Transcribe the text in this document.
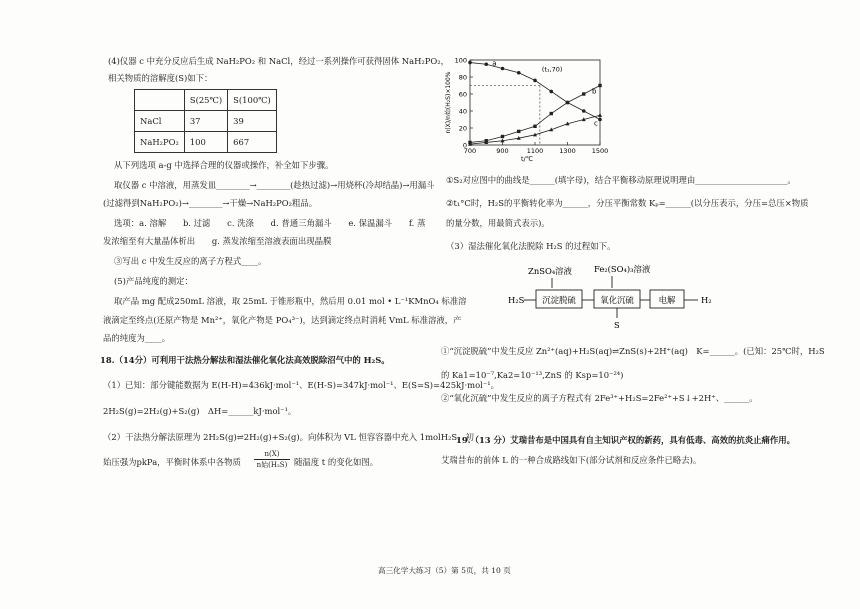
(4)仪器 c 中充分反应后生成 NaH₂PO₂ 和 NaCl，经过一系列操作可获得固体 NaH₂PO₂，
相关物质的溶解度(S)如下：
	S(25℃)	S(100℃)
NaCl	37	39
NaH₂PO₂	100	667
从下列选项 a-g 中选择合理的仪器或操作，补全如下步骤。
取仪器 c 中溶液，用蒸发皿________→________(趁热过滤)→用烧杯(冷却结晶)→用漏斗
(过滤得到NaH₂PO₂)→________→干燥→NaH₂PO₂粗品。
选项：a. 溶解　　b. 过滤　　c. 洗涤　　d. 普通三角漏斗　　e. 保温漏斗　　f. 蒸
发浓缩至有大量晶体析出　　g. 蒸发浓缩至溶液表面出现晶膜
③写出 c 中发生反应的离子方程式____。
(5)产品纯度的测定：
取产品 mg 配成250mL 溶液，取 25mL 于锥形瓶中，然后用 0.01 mol • L⁻¹KMnO₄ 标准溶
液滴定至终点(还原产物是 Mn²⁺，氧化产物是 PO₄³⁻)，达到滴定终点时消耗 VmL 标准溶液，产
品的纯度为____。
18.（14分）可利用干法热分解法和湿法催化氧化法高效脱除沼气中的 H₂S。
（1）已知：部分键能数据为 E(H-H)=436kJ·mol⁻¹、E(H-S)=347kJ·mol⁻¹、E(S=S)=425kJ·mol⁻¹。
2H₂S(g)=2H₂(g)+S₂(g)　ΔH=______kJ·mol⁻¹。
（2）干法热分解法原理为 2H₂S(g)⇌2H₂(g)+S₂(g)。向体积为 VL 恒容容器中充入 1molH₂S，初
始压强为pkPa，平衡时体系中各物质
n(X)
n始(H₂S) 随温度 t 的变化如图。
0
20
40
60
80
100
700	900	1100 1300 1500
t/℃
n(X)/n始(H₂S)×100%
(t₁,70)
a
b
c
①S₂对应图中的曲线是______(填字母)，结合平衡移动原理说明理由______________________。
②t₁°C时，H₂S的平衡转化率为______，分压平衡常数 Kₚ=______(以分压表示，分压=总压×物质
的量分数，用最简式表示)。
（3）湿法催化氧化法脱除 H₂S 的过程如下。
ZnSO₄溶液	Fe₂(SO₄)₃溶液
H₂S 沉淀脱硫	氧化沉硫	电解	H₂
S
①“沉淀脱硫”中发生反应 Zn²⁺(aq)+H₂S(aq)⇌ZnS(s)+2H⁺(aq)　K=______。(已知：25℃时，H₂S
的 Ka1=10⁻⁷,Ka2=10⁻¹³,ZnS 的 Ksp=10⁻²⁴)
②“氧化沉硫”中发生反应的离子方程式有 2Fe³⁺+H₂S=2Fe²⁺+S↓+2H⁺、______。
19.（13 分）艾瑞昔布是中国具有自主知识产权的新药，具有低毒、高效的抗炎止痛作用。
艾瑞昔布的前体 L 的一种合成路线如下(部分试剂和反应条件已略去)。
高三化学大练习（5）第 5页，共 10 页
